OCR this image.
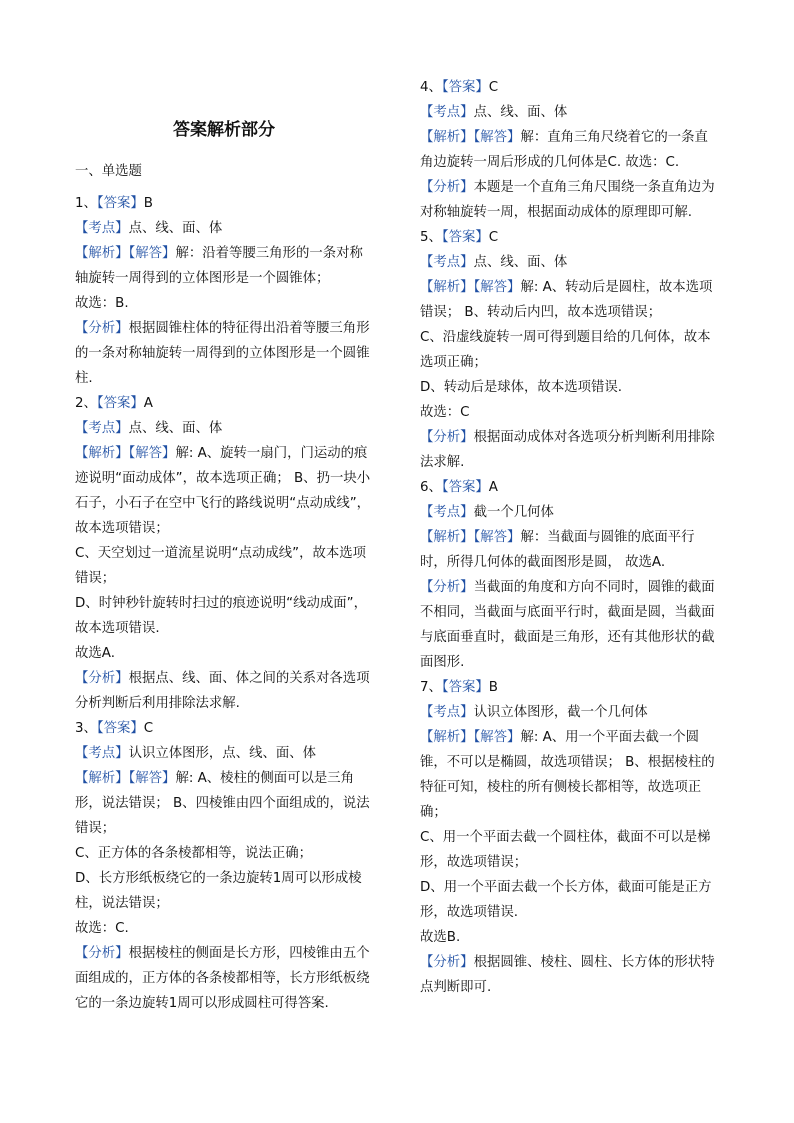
答案解析部分
一、单选题
1、【答案】B
【考点】点、线、面、体
【解析】【解答】解：沿着等腰三角形的一条对称轴旋转一周得到的立体图形是一个圆锥体；
故选：B.
【分析】根据圆锥柱体的特征得出沿着等腰三角形的一条对称轴旋转一周得到的立体图形是一个圆锥柱.
2、【答案】A
【考点】点、线、面、体
【解析】【解答】解: A、旋转一扇门，门运动的痕迹说明“面动成体”，故本选项正确； B、扔一块小石子，小石子在空中飞行的路线说明“点动成线”，故本选项错误；
C、天空划过一道流星说明“点动成线”，故本选项错误；
D、时钟秒针旋转时扫过的痕迹说明“线动成面”，故本选项错误.
故选A.
【分析】根据点、线、面、体之间的关系对各选项分析判断后利用排除法求解.
3、【答案】C
【考点】认识立体图形，点、线、面、体
【解析】【解答】解: A、棱柱的侧面可以是三角形，说法错误； B、四棱锥由四个面组成的，说法错误；
C、正方体的各条棱都相等，说法正确；
D、长方形纸板绕它的一条边旋转1周可以形成棱柱，说法错误；
故选：C.
【分析】根据棱柱的侧面是长方形，四棱锥由五个面组成的，正方体的各条棱都相等，长方形纸板绕它的一条边旋转1周可以形成圆柱可得答案.
4、【答案】C
【考点】点、线、面、体
【解析】【解答】解：直角三角尺绕着它的一条直角边旋转一周后形成的几何体是C. 故选：C.
【分析】本题是一个直角三角尺围绕一条直角边为对称轴旋转一周，根据面动成体的原理即可解.
5、【答案】C
【考点】点、线、面、体
【解析】【解答】解: A、转动后是圆柱，故本选项错误； B、转动后内凹，故本选项错误；
C、沿虚线旋转一周可得到题目给的几何体，故本选项正确；
D、转动后是球体，故本选项错误.
故选：C
【分析】根据面动成体对各选项分析判断利用排除法求解.
6、【答案】A
【考点】截一个几何体
【解析】【解答】解：当截面与圆锥的底面平行时，所得几何体的截面图形是圆， 故选A.
【分析】当截面的角度和方向不同时，圆锥的截面不相同，当截面与底面平行时，截面是圆，当截面与底面垂直时，截面是三角形，还有其他形状的截面图形.
7、【答案】B
【考点】认识立体图形，截一个几何体
【解析】【解答】解: A、用一个平面去截一个圆锥，不可以是椭圆，故选项错误； B、根据棱柱的特征可知，棱柱的所有侧棱长都相等，故选项正确；
C、用一个平面去截一个圆柱体，截面不可以是梯形，故选项错误；
D、用一个平面去截一个长方体，截面可能是正方形，故选项错误.
故选B.
【分析】根据圆锥、棱柱、圆柱、长方体的形状特点判断即可.
